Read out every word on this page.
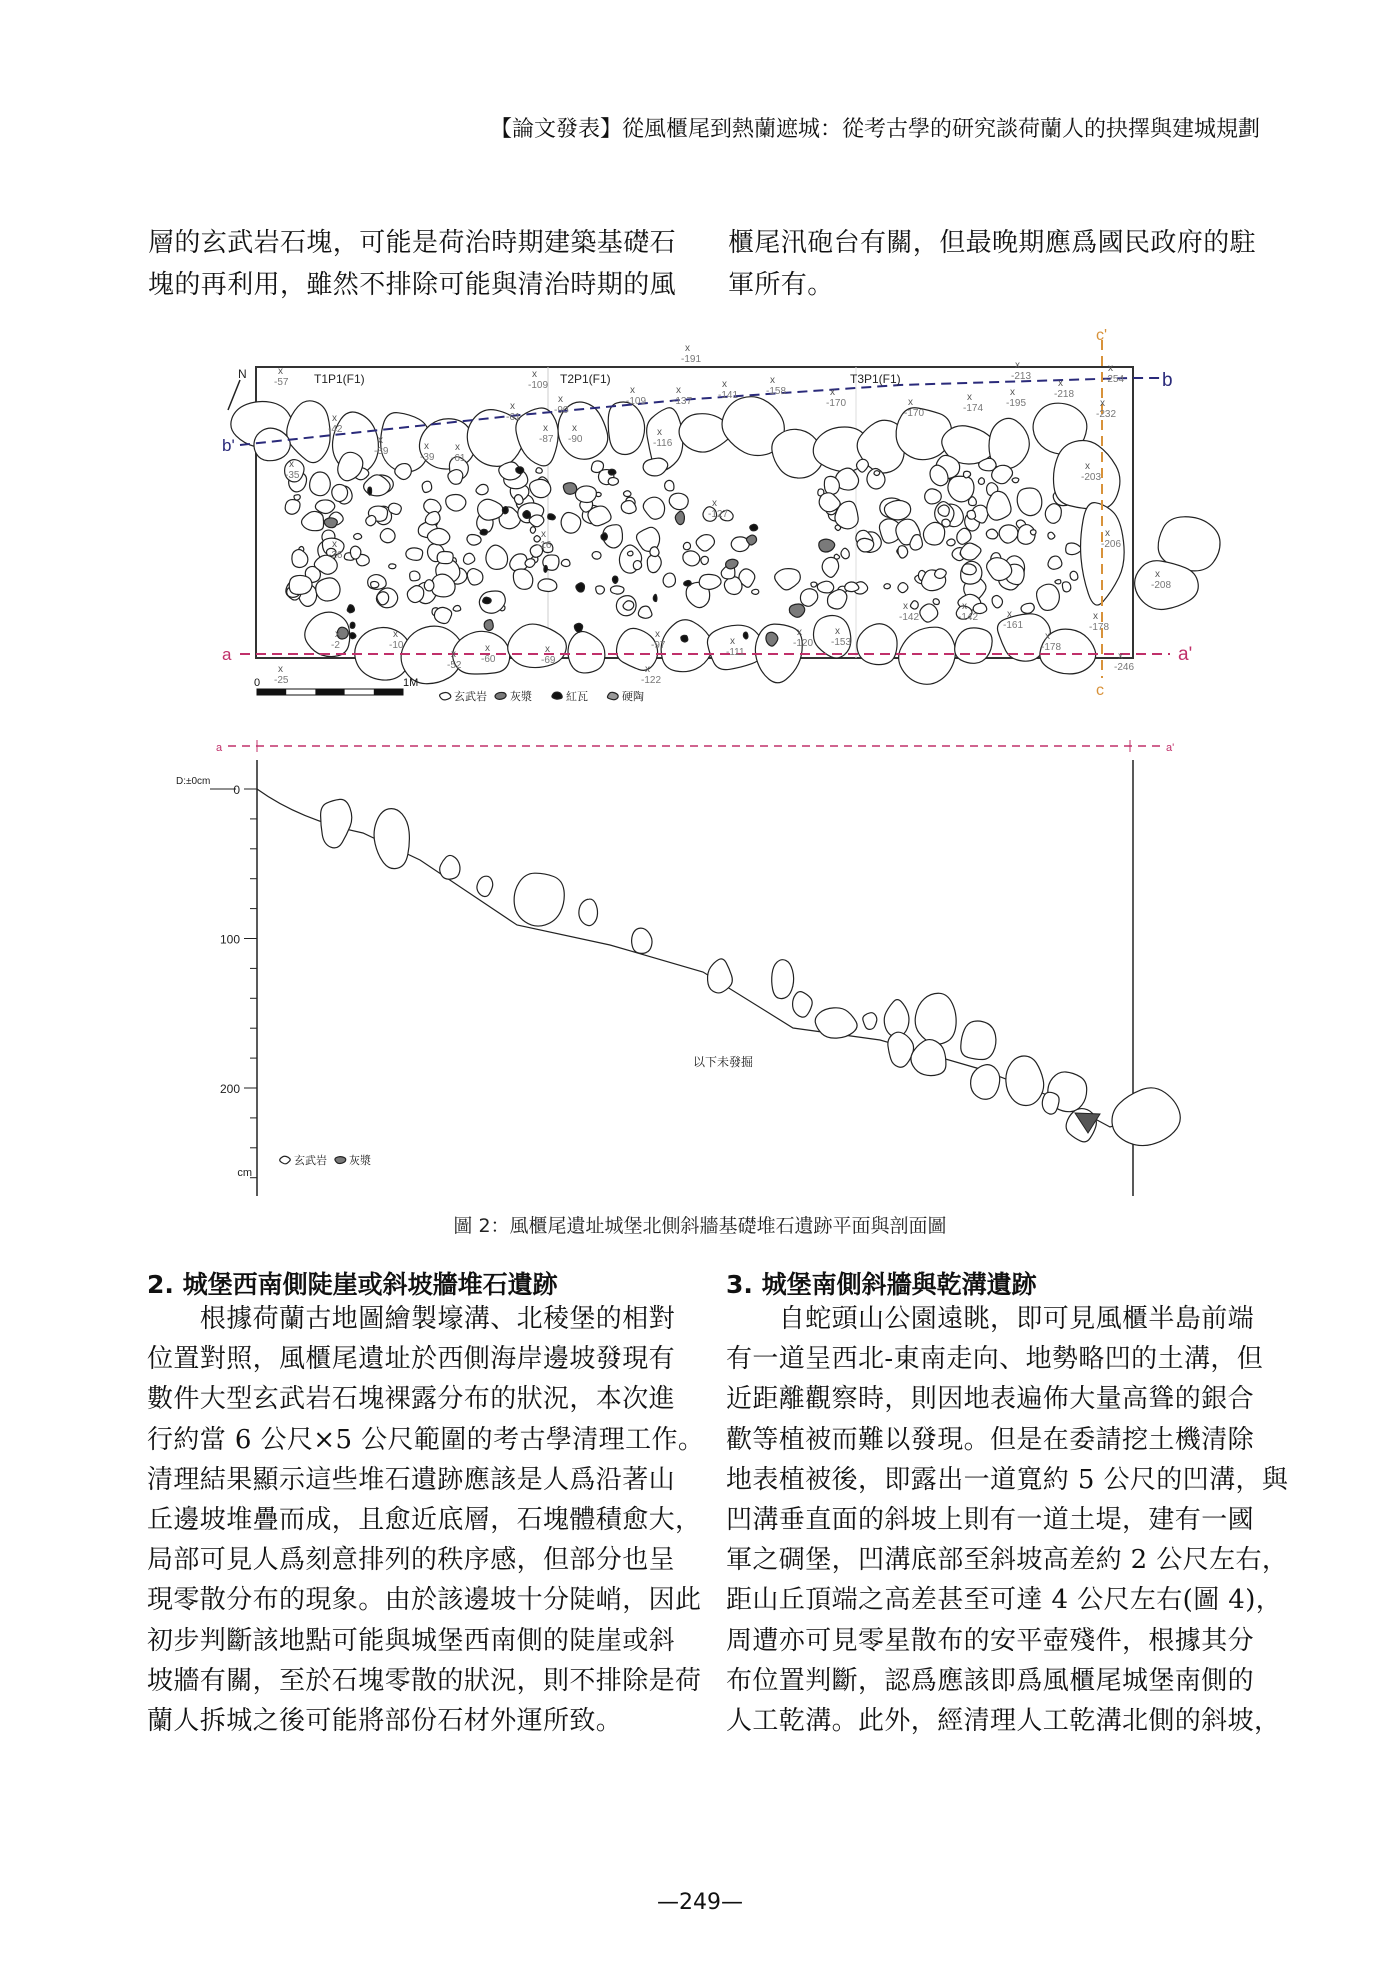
【論文發表】從風櫃尾到熱蘭遮城：從考古學的研究談荷蘭人的抉擇與建城規劃
層的玄武岩石塊，可能是荷治時期建築基礎石
塊的再利用，雖然不排除可能與清治時期的風
櫃尾汛砲台有關，但最晚期應爲國民政府的駐
軍所有。
b'
b
a	a'
c'
c
N	T1P1(F1)	T2P1(F1)	T3P1(F1)
x
-57
x
-109
x
-191
x
-109
x
-137
x
-141
x
-158
x
-42
x
-61
x
-90
x
-90
x
-87
x
-116
x
-39	x
-39
x
-61
x
-35
x
-127
x
-16
x
-26
x
-2
x
-10
x
-97	x
-111
x
-52
x
-60
x
-69
x
-25
x
-122
x
-170	x
-170
x
-174
x
-195
x
-213
x
-218
x
-254
x
-232
x
-203
x
-206
x
-208
x
-178
x
-161
x
-142
x
-142
x
-178
x
-153
x
-120
x
-246
0	1M
玄武岩 灰漿	紅瓦	硬陶
a	a'
0
100
200
cm
D:±0cm
以下未發掘
玄武岩 灰漿
圖 2：風櫃尾遺址城堡北側斜牆基礎堆石遺跡平面與剖面圖
2. 城堡西南側陡崖或斜坡牆堆石遺跡
　　根據荷蘭古地圖繪製壕溝、北稜堡的相對
位置對照，風櫃尾遺址於西側海岸邊坡發現有
數件大型玄武岩石塊裸露分布的狀況，本次進
行約當 6 公尺×5 公尺範圍的考古學清理工作。
清理結果顯示這些堆石遺跡應該是人爲沿著山
丘邊坡堆疊而成，且愈近底層，石塊體積愈大，
局部可見人爲刻意排列的秩序感，但部分也呈
現零散分布的現象。由於該邊坡十分陡峭，因此
初步判斷該地點可能與城堡西南側的陡崖或斜
坡牆有關，至於石塊零散的狀況，則不排除是荷
蘭人拆城之後可能將部份石材外運所致。
3. 城堡南側斜牆與乾溝遺跡
　　自蛇頭山公園遠眺，即可見風櫃半島前端
有一道呈西北-東南走向、地勢略凹的土溝，但
近距離觀察時，則因地表遍佈大量高聳的銀合
歡等植被而難以發現。但是在委請挖土機清除
地表植被後，即露出一道寬約 5 公尺的凹溝，與
凹溝垂直面的斜坡上則有一道土堤，建有一國
軍之碉堡，凹溝底部至斜坡高差約 2 公尺左右，
距山丘頂端之高差甚至可達 4 公尺左右(圖 4)，
周遭亦可見零星散布的安平壺殘件，根據其分
布位置判斷，認爲應該即爲風櫃尾城堡南側的
人工乾溝。此外，經清理人工乾溝北側的斜坡，
—249—
